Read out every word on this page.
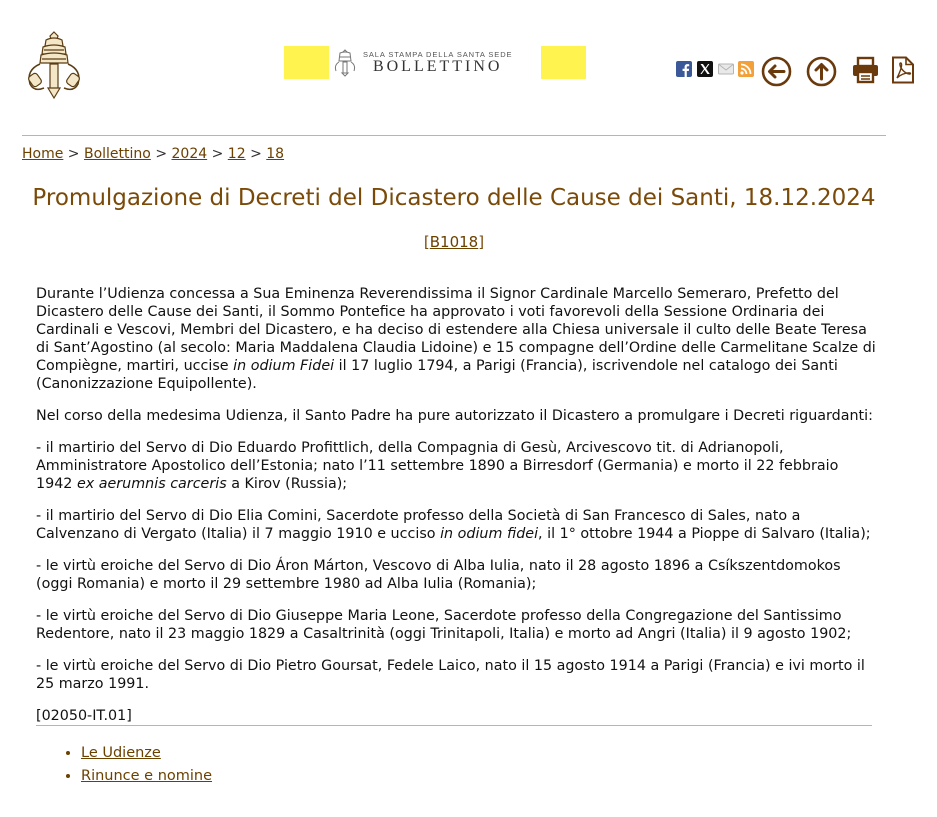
SALA STAMPA DELLA SANTA SEDE
BOLLETTINO
Home > Bollettino > 2024 > 12 > 18
Promulgazione di Decreti del Dicastero delle Cause dei Santi, 18.12.2024
[B1018]

Durante l’Udienza concessa a Sua Eminenza Reverendissima il Signor Cardinale Marcello Semeraro, Prefetto del Dicastero delle Cause dei Santi, il Sommo Pontefice ha approvato i voti favorevoli della Sessione Ordinaria dei Cardinali e Vescovi, Membri del Dicastero, e ha deciso di estendere alla Chiesa universale il culto delle Beate Teresa di Sant’Agostino (al secolo: Maria Maddalena Claudia Lidoine) e 15 compagne dell’Ordine delle Carmelitane Scalze di Compiègne, martiri, uccise in odium Fidei il 17 luglio 1794, a Parigi (Francia), iscrivendole nel catalogo dei Santi (Canonizzazione Equipollente).

Nel corso della medesima Udienza, il Santo Padre ha pure autorizzato il Dicastero a promulgare i Decreti riguardanti:

- il martirio del Servo di Dio Eduardo Profittlich, della Compagnia di Gesù, Arcivescovo tit. di Adrianopoli, Amministratore Apostolico dell’Estonia; nato l’11 settembre 1890 a Birresdorf (Germania) e morto il 22 febbraio 1942 ex aerumnis carceris a Kirov (Russia);

- il martirio del Servo di Dio Elia Comini, Sacerdote professo della Società di San Francesco di Sales, nato a Calvenzano di Vergato (Italia) il 7 maggio 1910 e ucciso in odium fidei, il 1° ottobre 1944 a Pioppe di Salvaro (Italia);

- le virtù eroiche del Servo di Dio Áron Márton, Vescovo di Alba Iulia, nato il 28 agosto 1896 a Csíkszentdomokos (oggi Romania) e morto il 29 settembre 1980 ad Alba Iulia (Romania);

- le virtù eroiche del Servo di Dio Giuseppe Maria Leone, Sacerdote professo della Congregazione del Santissimo Redentore, nato il 23 maggio 1829 a Casaltrinità (oggi Trinitapoli, Italia) e morto ad Angri (Italia) il 9 agosto 1902;

- le virtù eroiche del Servo di Dio Pietro Goursat, Fedele Laico, nato il 15 agosto 1914 a Parigi (Francia) e ivi morto il 25 marzo 1991.

[02050-IT.01]

• Le Udienze
• Rinunce e nomine
